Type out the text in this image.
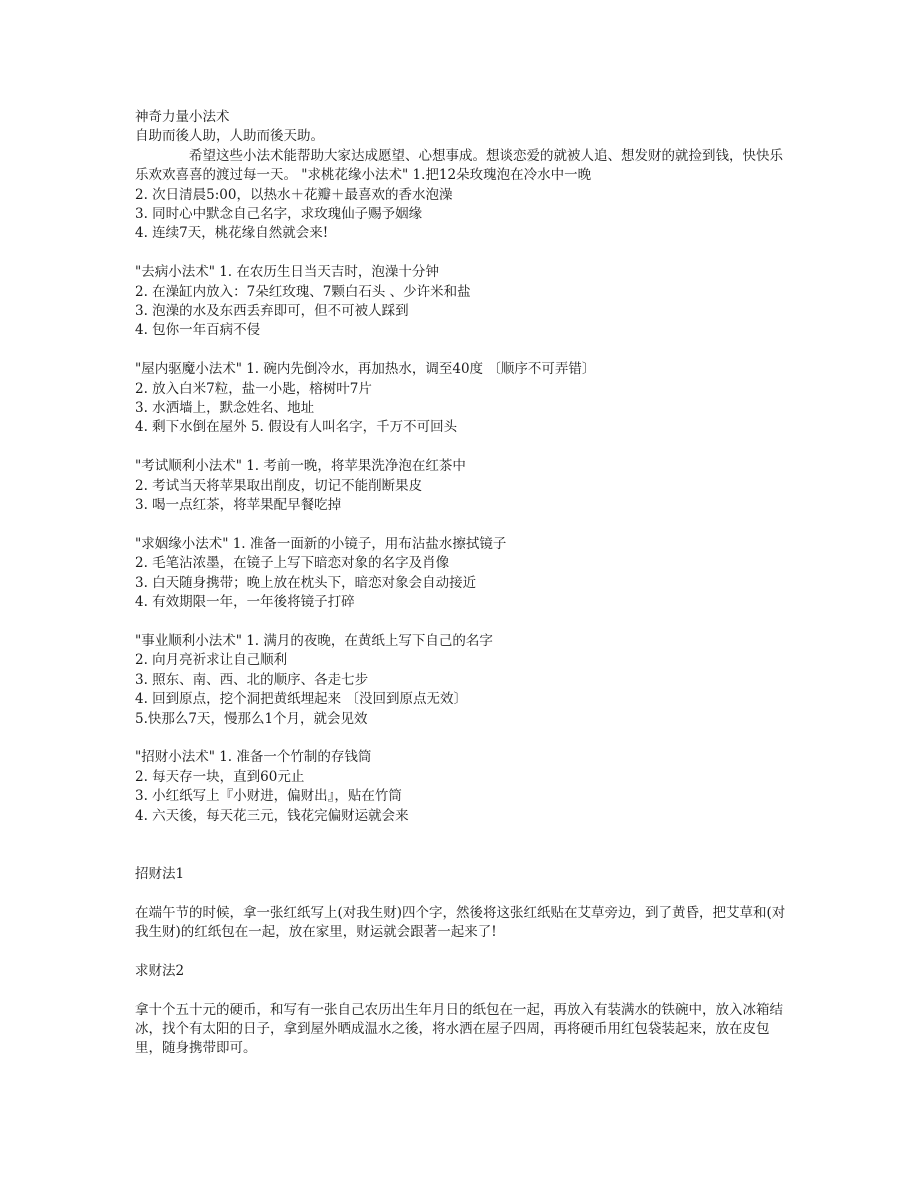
神奇力量小法术

自助而後人助，人助而後天助。

希望这些小法术能帮助大家达成愿望、心想事成。想谈恋爱的就被人追、想发财的就捡到钱，快快乐乐欢欢喜喜的渡过每一天。 "求桃花缘小法术" 1.把12朵玫瑰泡在冷水中一晚

2. 次日清晨5:00，以热水＋花瓣＋最喜欢的香水泡澡

3. 同时心中默念自己名字，求玫瑰仙子赐予姻缘

4. 连续7天，桃花缘自然就会来!

"去病小法术" 1. 在农历生日当天吉时，泡澡十分钟

2. 在澡缸内放入：7朵红玫瑰、7颗白石头 、少许米和盐

3. 泡澡的水及东西丢弃即可，但不可被人踩到

4. 包你一年百病不侵

"屋内驱魔小法术" 1. 碗内先倒冷水，再加热水，调至40度 〔顺序不可弄错〕

2. 放入白米7粒，盐一小匙，榕树叶7片

3. 水洒墙上，默念姓名、地址

4. 剩下水倒在屋外 5. 假设有人叫名字，千万不可回头

"考试顺利小法术" 1. 考前一晚，将苹果洗净泡在红茶中

2. 考试当天将苹果取出削皮，切记不能削断果皮

3. 喝一点红茶，将苹果配早餐吃掉

"求姻缘小法术" 1. 准备一面新的小镜子，用布沾盐水擦拭镜子

2. 毛笔沾浓墨，在镜子上写下暗恋对象的名字及肖像

3. 白天随身携带；晚上放在枕头下，暗恋对象会自动接近

4. 有效期限一年，一年後将镜子打碎

"事业顺利小法术" 1. 满月的夜晚，在黄纸上写下自己的名字

2. 向月亮祈求让自己顺利

3. 照东、南、西、北的顺序、各走七步

4. 回到原点，挖个洞把黄纸埋起来 〔没回到原点无效〕

5.快那么7天，慢那么1个月，就会见效

"招财小法术" 1. 准备一个竹制的存钱筒

2. 每天存一块，直到60元止

3. 小红纸写上『小财进，偏财出』，贴在竹筒

4. 六天後，每天花三元，钱花完偏财运就会来

招财法1

在端午节的时候，拿一张红纸写上(对我生财)四个字，然後将这张红纸贴在艾草旁边，到了黄昏，把艾草和(对我生财)的红纸包在一起，放在家里，财运就会跟著一起来了!

求财法2

拿十个五十元的硬币，和写有一张自己农历出生年月日的纸包在一起，再放入有装满水的铁碗中，放入冰箱结冰，找个有太阳的日子，拿到屋外晒成温水之後，将水洒在屋子四周，再将硬币用红包袋装起来，放在皮包里，随身携带即可。
